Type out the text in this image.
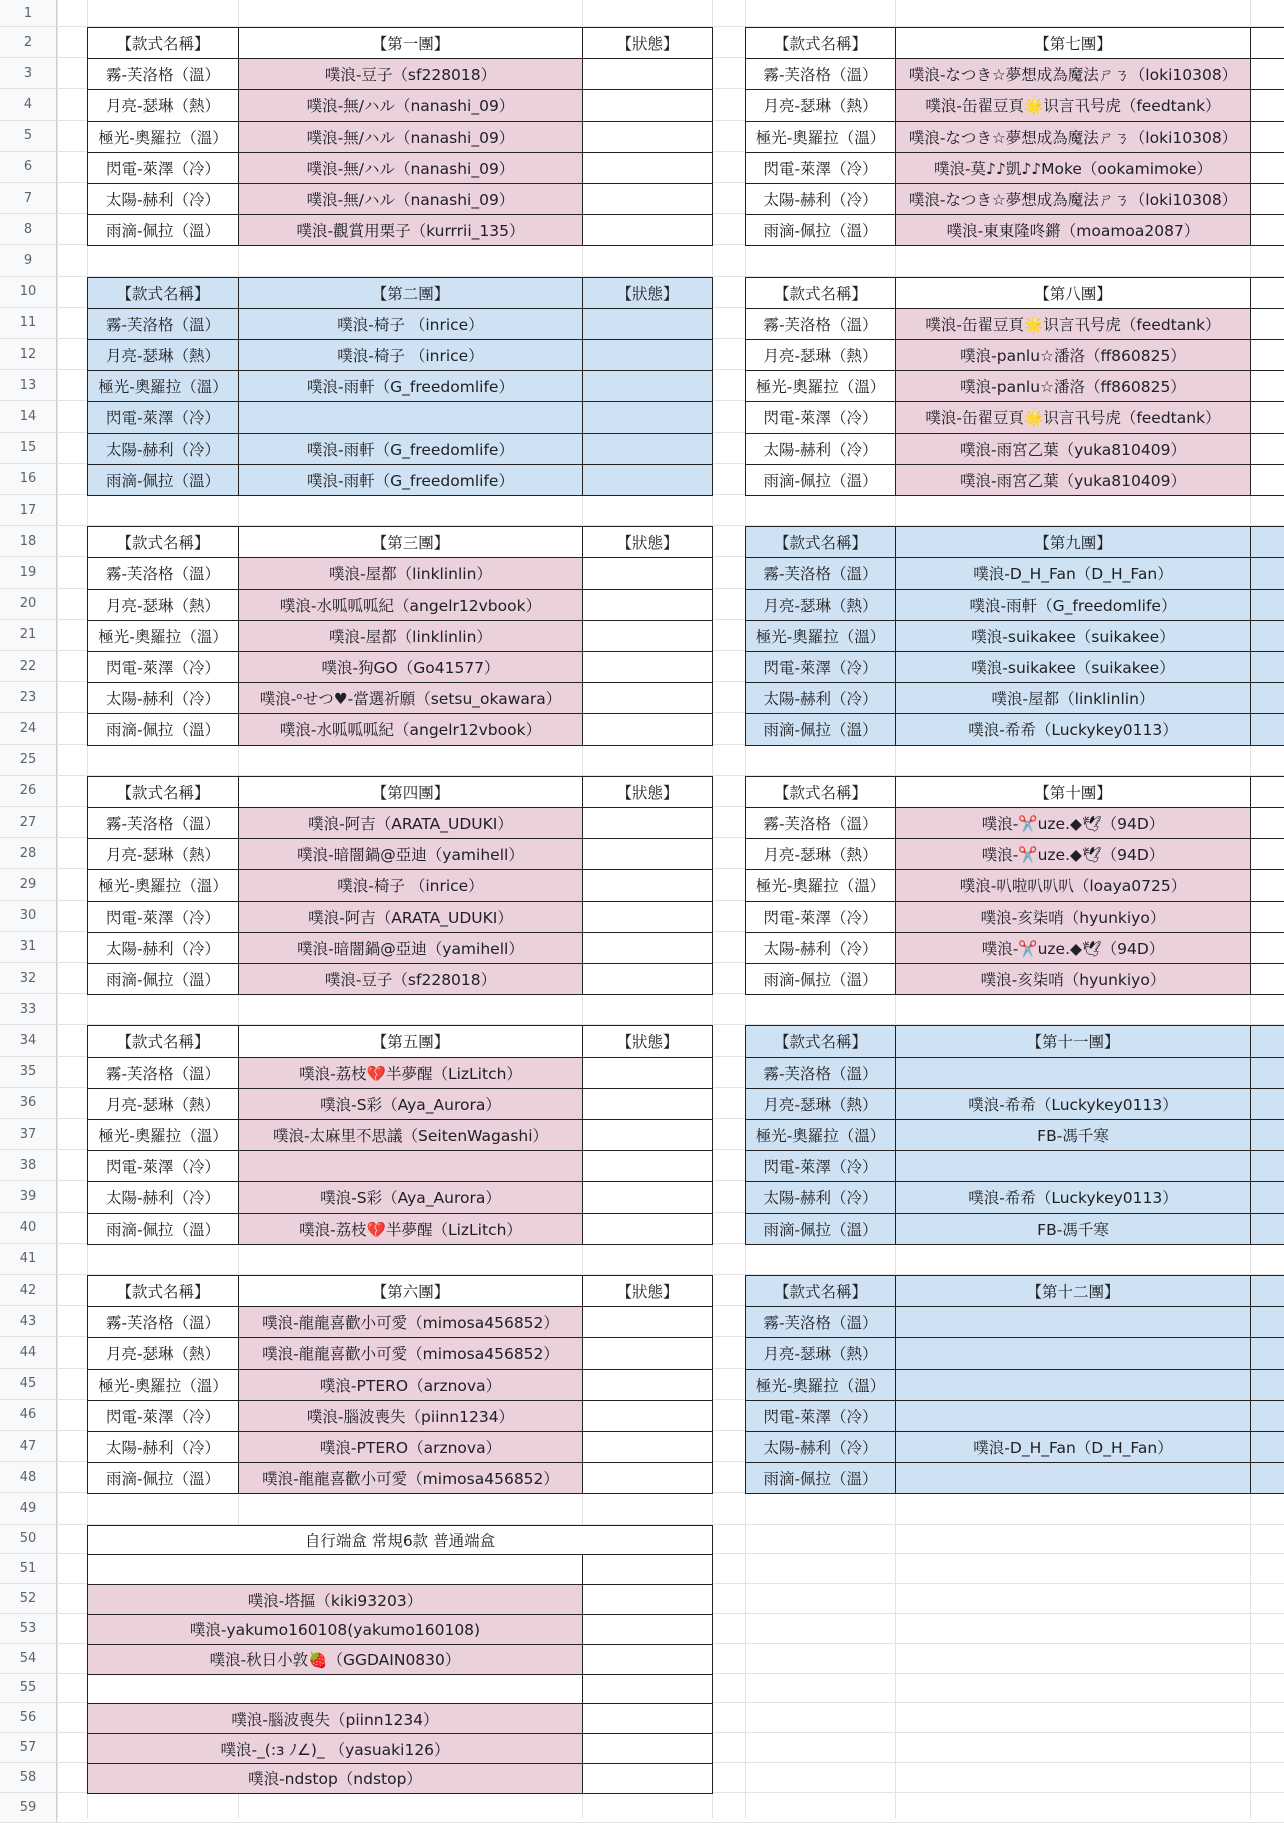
1
2
3
4
5
6
7
8
9
10
11
12
13
14
15
16
17
18
19
20
21
22
23
24
25
26
27
28
29
30
31
32
33
34
35
36
37
38
39
40
41
42
43
44
45
46
47
48
49
50
51
52
53
54
55
56
57
58
59
【款式名稱】	【第一團】	【狀態】
霧-芙洛格（溫）	噗浪-豆子（sf228018）
月亮-瑟琳（熱）	噗浪-無/ハル（nanashi_09）
極光-奧羅拉（溫）	噗浪-無/ハル（nanashi_09）
閃電-萊澤（冷）	噗浪-無/ハル（nanashi_09）
太陽-赫利（冷）	噗浪-無/ハル（nanashi_09）
雨滴-佩拉（溫）	噗浪-觀賞用栗子（kurrrii_135）
【款式名稱】	【第二團】	【狀態】
霧-芙洛格（溫）	噗浪-椅子 （inrice）
月亮-瑟琳（熱）	噗浪-椅子 （inrice）
極光-奧羅拉（溫）	噗浪-雨軒（G_freedomlife）
閃電-萊澤（冷）
太陽-赫利（冷）	噗浪-雨軒（G_freedomlife）
雨滴-佩拉（溫）	噗浪-雨軒（G_freedomlife）
【款式名稱】	【第三團】	【狀態】
霧-芙洛格（溫）	噗浪-屋都（linklinlin）
月亮-瑟琳（熱）	噗浪-水呱呱呱紀（angelr12vbook）
極光-奧羅拉（溫）	噗浪-屋都（linklinlin）
閃電-萊澤（冷）	噗浪-狗GO（Go41577）
太陽-赫利（冷）	噗浪-ᵒせつ♥-當選祈願（setsu_okawara）
雨滴-佩拉（溫）	噗浪-水呱呱呱紀（angelr12vbook）
【款式名稱】	【第四團】	【狀態】
霧-芙洛格（溫）	噗浪-阿吉（ARATA_UDUKI）
月亮-瑟琳（熱）	噗浪-暗闇鍋@亞迪（yamihell）
極光-奧羅拉（溫）	噗浪-椅子 （inrice）
閃電-萊澤（冷）	噗浪-阿吉（ARATA_UDUKI）
太陽-赫利（冷）	噗浪-暗闇鍋@亞迪（yamihell）
雨滴-佩拉（溫）	噗浪-豆子（sf228018）
【款式名稱】	【第五團】	【狀態】
霧-芙洛格（溫）	噗浪-荔枝💔半夢醒（LizLitch）
月亮-瑟琳（熱）	噗浪-S彩（Aya_Aurora）
極光-奧羅拉（溫）	噗浪-太麻里不思議（SeitenWagashi）
閃電-萊澤（冷）
太陽-赫利（冷）	噗浪-S彩（Aya_Aurora）
雨滴-佩拉（溫）	噗浪-荔枝💔半夢醒（LizLitch）
【款式名稱】	【第六團】	【狀態】
霧-芙洛格（溫）	噗浪-龍龍喜歡小可愛（mimosa456852）
月亮-瑟琳（熱）	噗浪-龍龍喜歡小可愛（mimosa456852）
極光-奧羅拉（溫）	噗浪-PTERO（arznova）
閃電-萊澤（冷）	噗浪-腦波喪失（piinn1234）
太陽-赫利（冷）	噗浪-PTERO（arznova）
雨滴-佩拉（溫）	噗浪-龍龍喜歡小可愛（mimosa456852）
【款式名稱】	【第七團】
霧-芙洛格（溫）	噗浪-なつき☆夢想成為魔法ㄕㄋ（loki10308）
月亮-瑟琳（熱）	噗浪-缶翟豆頁🌟识言卂号虎（feedtank）
極光-奧羅拉（溫）	噗浪-なつき☆夢想成為魔法ㄕㄋ（loki10308）
閃電-萊澤（冷）	噗浪-莫♪♪凱♪♪Moke（ookamimoke）
太陽-赫利（冷）	噗浪-なつき☆夢想成為魔法ㄕㄋ（loki10308）
雨滴-佩拉（溫）	噗浪-東東隆咚鏘（moamoa2087）
【款式名稱】	【第八團】
霧-芙洛格（溫）	噗浪-缶翟豆頁🌟识言卂号虎（feedtank）
月亮-瑟琳（熱）	噗浪-panlu☆潘洛（ff860825）
極光-奧羅拉（溫）	噗浪-panlu☆潘洛（ff860825）
閃電-萊澤（冷）	噗浪-缶翟豆頁🌟识言卂号虎（feedtank）
太陽-赫利（冷）	噗浪-雨宮乙葉（yuka810409）
雨滴-佩拉（溫）	噗浪-雨宮乙葉（yuka810409）
【款式名稱】	【第九團】
霧-芙洛格（溫）	噗浪-D_H_Fan（D_H_Fan）
月亮-瑟琳（熱）	噗浪-雨軒（G_freedomlife）
極光-奧羅拉（溫）	噗浪-suikakee（suikakee）
閃電-萊澤（冷）	噗浪-suikakee（suikakee）
太陽-赫利（冷）	噗浪-屋都（linklinlin）
雨滴-佩拉（溫）	噗浪-希希（Luckykey0113）
【款式名稱】	【第十團】
霧-芙洛格（溫）	噗浪-✂️uze.◆🕊（94D）
月亮-瑟琳（熱）	噗浪-✂️uze.◆🕊（94D）
極光-奧羅拉（溫）	噗浪-叭啦叭叭叭（loaya0725）
閃電-萊澤（冷）	噗浪-亥柒哨（hyunkiyo）
太陽-赫利（冷）	噗浪-✂️uze.◆🕊（94D）
雨滴-佩拉（溫）	噗浪-亥柒哨（hyunkiyo）
【款式名稱】	【第十一團】
霧-芙洛格（溫）
月亮-瑟琳（熱）	噗浪-希希（Luckykey0113）
極光-奧羅拉（溫）	FB-馮千寒
閃電-萊澤（冷）
太陽-赫利（冷）	噗浪-希希（Luckykey0113）
雨滴-佩拉（溫）	FB-馮千寒
【款式名稱】	【第十二團】
霧-芙洛格（溫）
月亮-瑟琳（熱）
極光-奧羅拉（溫）
閃電-萊澤（冷）
太陽-赫利（冷）	噗浪-D_H_Fan（D_H_Fan）
雨滴-佩拉（溫）
自行端盒 常規6款 普通端盒
噗浪-塔摳（kiki93203）
噗浪-yakumo160108(yakumo160108)
噗浪-秋日小敦🍓（GGDAIN0830）
噗浪-腦波喪失（piinn1234）
噗浪-_(:з ﾉ∠)_ （yasuaki126）
噗浪-ndstop（ndstop）
